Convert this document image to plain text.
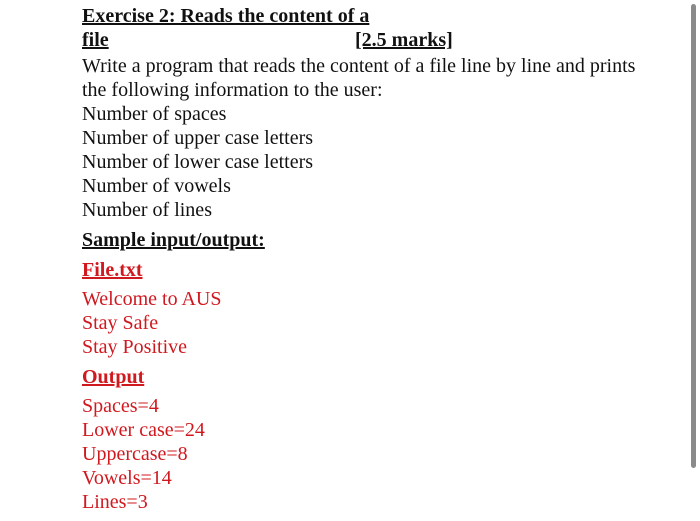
Exercise 2: Reads the content of a
file	[2.5 marks]
Write a program that reads the content of a file line by line and prints the following information to the user:
Number of spaces
Number of upper case letters
Number of lower case letters
Number of vowels
Number of lines
Sample input/output:
File.txt
Welcome to AUS
Stay Safe
Stay Positive
Output
Spaces=4
Lower case=24
Uppercase=8
Vowels=14
Lines=3
